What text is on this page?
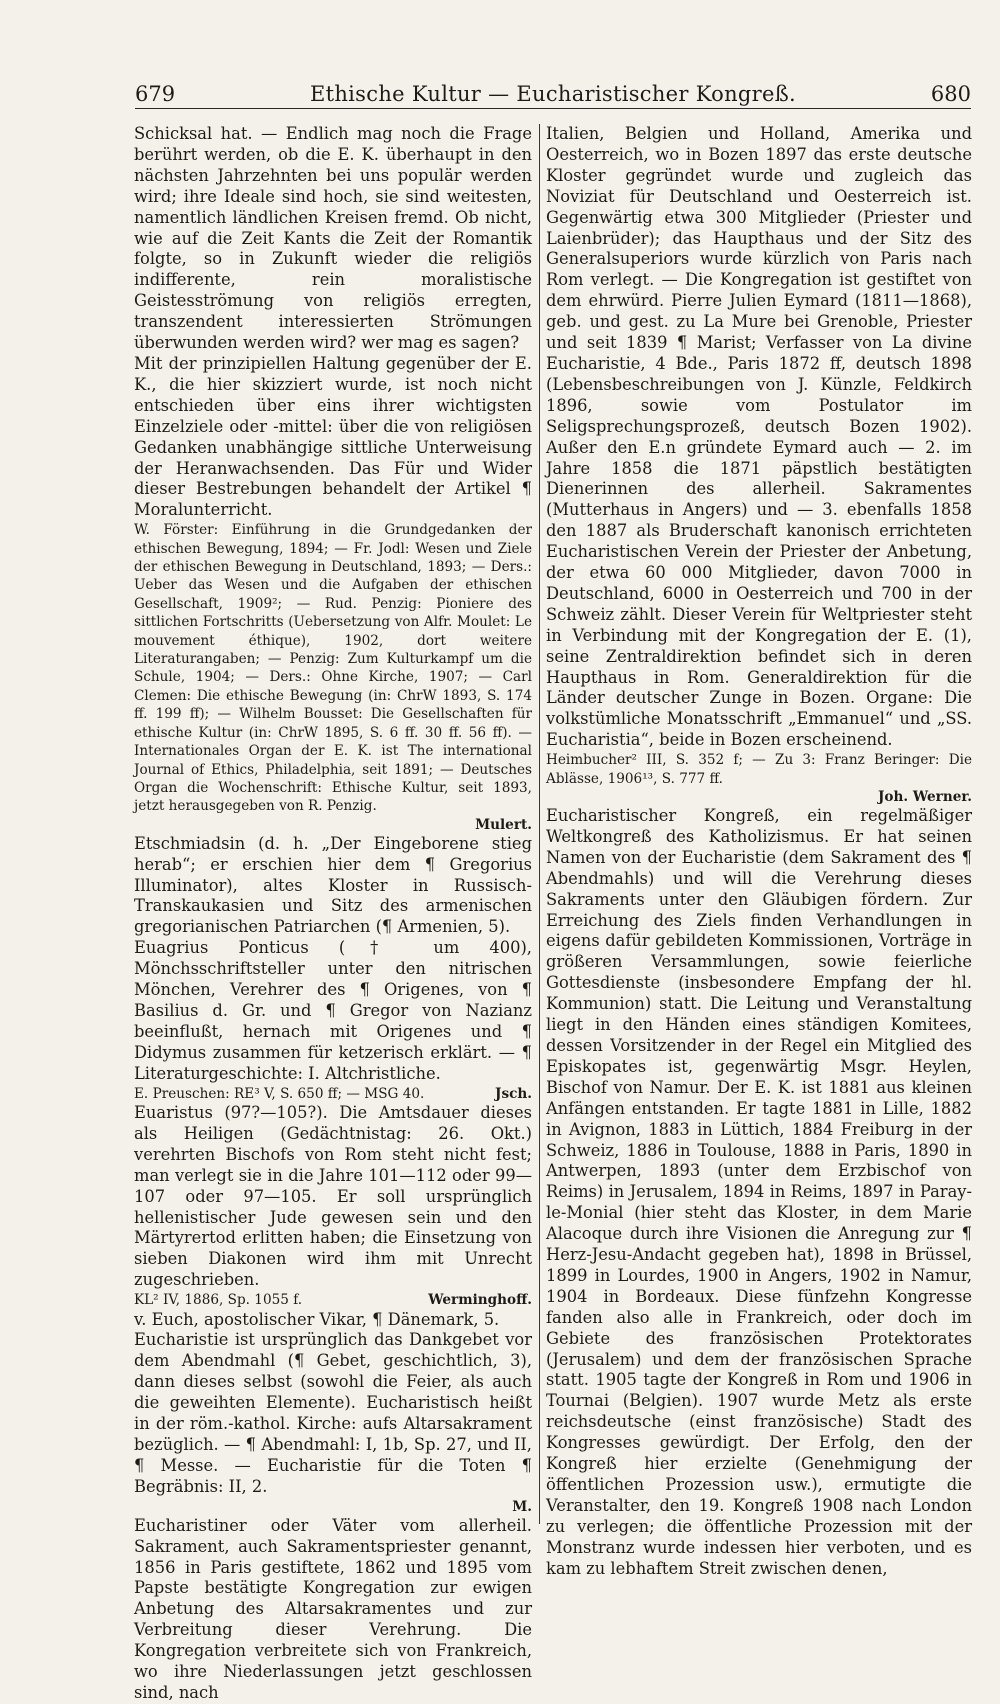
679	Ethische Kultur — Eucharistischer Kongreß.	680

Schicksal hat. — Endlich mag noch die Frage berührt werden, ob die E. K. überhaupt in den nächsten Jahrzehnten bei uns populär werden wird; ihre Ideale sind hoch, sie sind weitesten, namentlich ländlichen Kreisen fremd. Ob nicht, wie auf die Zeit Kants die Zeit der Romantik folgte, so in Zukunft wieder die religiös indifferente, rein moralistische Geistesströmung von religiös erregten, transzendent interessierten Strömungen überwunden werden wird? wer mag es sagen?

Mit der prinzipiellen Haltung gegenüber der E. K., die hier skizziert wurde, ist noch nicht entschieden über eins ihrer wichtigsten Einzelziele oder -mittel: über die von religiösen Gedanken unabhängige sittliche Unterweisung der Heranwachsenden. Das Für und Wider dieser Bestrebungen behandelt der Artikel ¶ Moralunterricht.

W. Förster: Einführung in die Grundgedanken der ethischen Bewegung, 1894; — Fr. Jodl: Wesen und Ziele der ethischen Bewegung in Deutschland, 1893; — Ders.: Ueber das Wesen und die Aufgaben der ethischen Gesellschaft, 1909²; — Rud. Penzig: Pioniere des sittlichen Fortschritts (Uebersetzung von Alfr. Moulet: Le mouvement éthique), 1902, dort weitere Literaturangaben; — Penzig: Zum Kulturkampf um die Schule, 1904; — Ders.: Ohne Kirche, 1907; — Carl Clemen: Die ethische Bewegung (in: ChrW 1893, S. 174 ff. 199 ff); — Wilhelm Bousset: Die Gesellschaften für ethische Kultur (in: ChrW 1895, S. 6 ff. 30 ff. 56 ff). — Internationales Organ der E. K. ist The international Journal of Ethics, Philadelphia, seit 1891; — Deutsches Organ die Wochenschrift: Ethische Kultur, seit 1893, jetzt herausgegeben von R. Penzig.

Mulert.

Etschmiadsin (d. h. „Der Eingeborene stieg herab“; er erschien hier dem ¶ Gregorius Illuminator), altes Kloster in Russisch-Transkaukasien und Sitz des armenischen gregorianischen Patriarchen (¶ Armenien, 5).

Euagrius Ponticus († um 400), Mönchsschriftsteller unter den nitrischen Mönchen, Verehrer des ¶ Origenes, von ¶ Basilius d. Gr. und ¶ Gregor von Nazianz beeinflußt, hernach mit Origenes und ¶ Didymus zusammen für ketzerisch erklärt. — ¶ Literaturgeschichte: I. Altchristliche.

E. Preuschen: RE³ V, S. 650 ff; — MSG 40.	Jsch.

Euaristus (97?—105?). Die Amtsdauer dieses als Heiligen (Gedächtnistag: 26. Okt.) verehrten Bischofs von Rom steht nicht fest; man verlegt sie in die Jahre 101—112 oder 99—107 oder 97—105. Er soll ursprünglich hellenistischer Jude gewesen sein und den Märtyrertod erlitten haben; die Einsetzung von sieben Diakonen wird ihm mit Unrecht zugeschrieben.

KL² IV, 1886, Sp. 1055 f.	Werminghoff.

v. Euch, apostolischer Vikar, ¶ Dänemark, 5.

Eucharistie ist ursprünglich das Dankgebet vor dem Abendmahl (¶ Gebet, geschichtlich, 3), dann dieses selbst (sowohl die Feier, als auch die geweihten Elemente). Eucharistisch heißt in der röm.-kathol. Kirche: aufs Altarsakrament bezüglich. — ¶ Abendmahl: I, 1b, Sp. 27, und II, ¶ Messe. — Eucharistie für die Toten ¶ Begräbnis: II, 2.

M.

Eucharistiner oder Väter vom allerheil. Sakrament, auch Sakramentspriester genannt, 1856 in Paris gestiftete, 1862 und 1895 vom Papste bestätigte Kongregation zur ewigen Anbetung des Altarsakramentes und zur Verbreitung dieser Verehrung. Die Kongregation verbreitete sich von Frankreich, wo ihre Niederlassungen jetzt geschlossen sind, nach

Italien, Belgien und Holland, Amerika und Oesterreich, wo in Bozen 1897 das erste deutsche Kloster gegründet wurde und zugleich das Noviziat für Deutschland und Oesterreich ist. Gegenwärtig etwa 300 Mitglieder (Priester und Laienbrüder); das Haupthaus und der Sitz des Generalsuperiors wurde kürzlich von Paris nach Rom verlegt. — Die Kongregation ist gestiftet von dem ehrwürd. Pierre Julien Eymard (1811—1868), geb. und gest. zu La Mure bei Grenoble, Priester und seit 1839 ¶ Marist; Verfasser von La divine Eucharistie, 4 Bde., Paris 1872 ff, deutsch 1898 (Lebensbeschreibungen von J. Künzle, Feldkirch 1896, sowie vom Postulator im Seligsprechungsprozeß, deutsch Bozen 1902). Außer den E.n gründete Eymard auch — 2. im Jahre 1858 die 1871 päpstlich bestätigten Dienerinnen des allerheil. Sakramentes (Mutterhaus in Angers) und — 3. ebenfalls 1858 den 1887 als Bruderschaft kanonisch errichteten Eucharistischen Verein der Priester der Anbetung, der etwa 60 000 Mitglieder, davon 7000 in Deutschland, 6000 in Oesterreich und 700 in der Schweiz zählt. Dieser Verein für Weltpriester steht in Verbindung mit der Kongregation der E. (1), seine Zentraldirektion befindet sich in deren Haupthaus in Rom. Generaldirektion für die Länder deutscher Zunge in Bozen. Organe: Die volkstümliche Monatsschrift „Emmanuel“ und „SS. Eucharistia“, beide in Bozen erscheinend.

Heimbucher² III, S. 352 f; — Zu 3: Franz Beringer: Die Ablässe, 1906¹³, S. 777 ff.

Joh. Werner.

Eucharistischer Kongreß, ein regelmäßiger Weltkongreß des Katholizismus. Er hat seinen Namen von der Eucharistie (dem Sakrament des ¶ Abendmahls) und will die Verehrung dieses Sakraments unter den Gläubigen fördern. Zur Erreichung des Ziels finden Verhandlungen in eigens dafür gebildeten Kommissionen, Vorträge in größeren Versammlungen, sowie feierliche Gottesdienste (insbesondere Empfang der hl. Kommunion) statt. Die Leitung und Veranstaltung liegt in den Händen eines ständigen Komitees, dessen Vorsitzender in der Regel ein Mitglied des Episkopates ist, gegenwärtig Msgr. Heylen, Bischof von Namur. Der E. K. ist 1881 aus kleinen Anfängen entstanden. Er tagte 1881 in Lille, 1882 in Avignon, 1883 in Lüttich, 1884 Freiburg in der Schweiz, 1886 in Toulouse, 1888 in Paris, 1890 in Antwerpen, 1893 (unter dem Erzbischof von Reims) in Jerusalem, 1894 in Reims, 1897 in Paray-le-Monial (hier steht das Kloster, in dem Marie Alacoque durch ihre Visionen die Anregung zur ¶ Herz-Jesu-Andacht gegeben hat), 1898 in Brüssel, 1899 in Lourdes, 1900 in Angers, 1902 in Namur, 1904 in Bordeaux. Diese fünfzehn Kongresse fanden also alle in Frankreich, oder doch im Gebiete des französischen Protektorates (Jerusalem) und dem der französischen Sprache statt. 1905 tagte der Kongreß in Rom und 1906 in Tournai (Belgien). 1907 wurde Metz als erste reichsdeutsche (einst französische) Stadt des Kongresses gewürdigt. Der Erfolg, den der Kongreß hier erzielte (Genehmigung der öffentlichen Prozession usw.), ermutigte die Veranstalter, den 19. Kongreß 1908 nach London zu verlegen; die öffentliche Prozession mit der Monstranz wurde indessen hier verboten, und es kam zu lebhaftem Streit zwischen denen,
